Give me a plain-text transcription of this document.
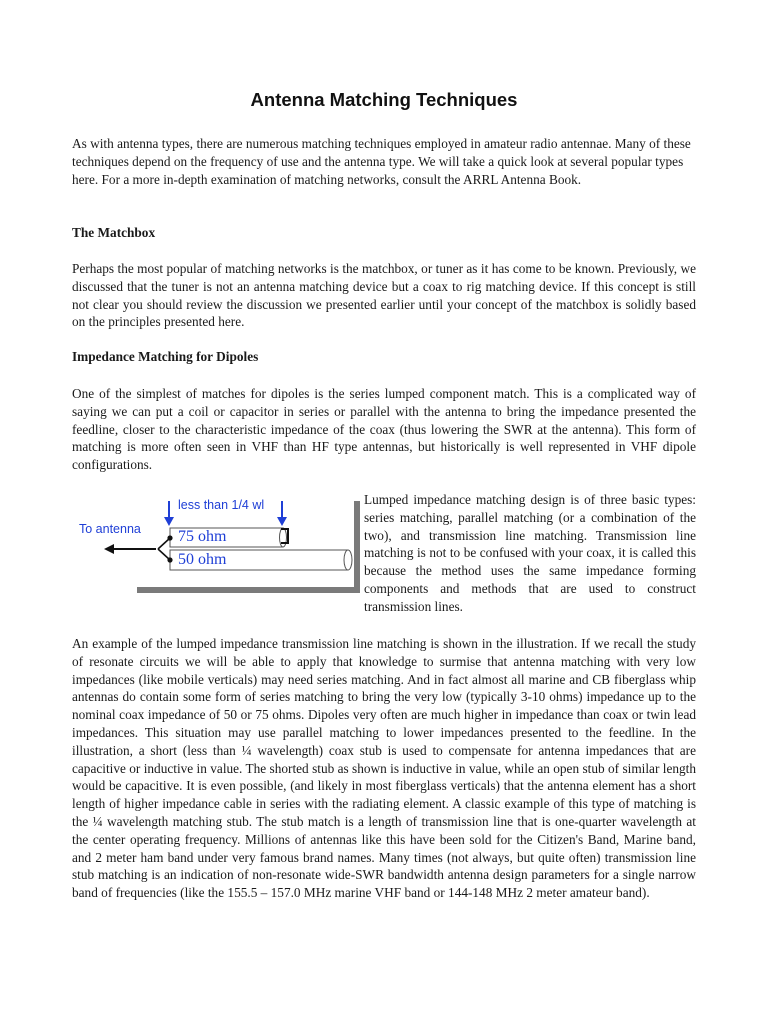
Antenna Matching Techniques

As with antenna types, there are numerous matching techniques employed in amateur radio antennae. Many of these techniques depend on the frequency of use and the antenna type. We will take a quick look at several popular types here. For a more in-depth examination of matching networks, consult the ARRL Antenna Book.

The Matchbox

Perhaps the most popular of matching networks is the matchbox, or tuner as it has come to be known. Previously, we discussed that the tuner is not an antenna matching device but a coax to rig matching device. If this concept is still not clear you should review the discussion we presented earlier until your concept of the matchbox is solidly based on the principles presented here.

Impedance Matching for Dipoles

One of the simplest of matches for dipoles is the series lumped component match. This is a complicated way of saying we can put a coil or capacitor in series or parallel with the antenna to bring the impedance presented the feedline, closer to the characteristic impedance of the coax (thus lowering the SWR at the antenna). This form of matching is more often seen in VHF than HF type antennas, but historically is well represented in VHF dipole configurations.

less than 1/4 wl
To antenna 75 ohm
50 ohm

Lumped impedance matching design is of three basic types: series matching, parallel matching (or a combination of the two), and transmission line matching. Transmission line matching is not to be confused with your coax, it is called this because the method uses the same impedance forming components and methods that are used to construct transmission lines.

An example of the lumped impedance transmission line matching is shown in the illustration. If we recall the study of resonate circuits we will be able to apply that knowledge to surmise that antenna matching with very low impedances (like mobile verticals) may need series matching. And in fact almost all marine and CB fiberglass whip antennas do contain some form of series matching to bring the very low (typically 3-10 ohms) impedance up to the nominal coax impedance of 50 or 75 ohms. Dipoles very often are much higher in impedance than coax or twin lead impedances. This situation may use parallel matching to lower impedances presented to the feedline. In the illustration, a short (less than ¼ wavelength) coax stub is used to compensate for antenna impedances that are capacitive or inductive in value. The shorted stub as shown is inductive in value, while an open stub of similar length would be capacitive. It is even possible, (and likely in most fiberglass verticals) that the antenna element has a short length of higher impedance cable in series with the radiating element. A classic example of this type of matching is the ¼ wavelength matching stub. The stub match is a length of transmission line that is one-quarter wavelength at the center operating frequency. Millions of antennas like this have been sold for the Citizen's Band, Marine band, and 2 meter ham band under very famous brand names. Many times (not always, but quite often) transmission line stub matching is an indication of non-resonate wide-SWR bandwidth antenna design parameters for a single narrow band of frequencies (like the 155.5 – 157.0 MHz marine VHF band or 144-148 MHz 2 meter amateur band).
